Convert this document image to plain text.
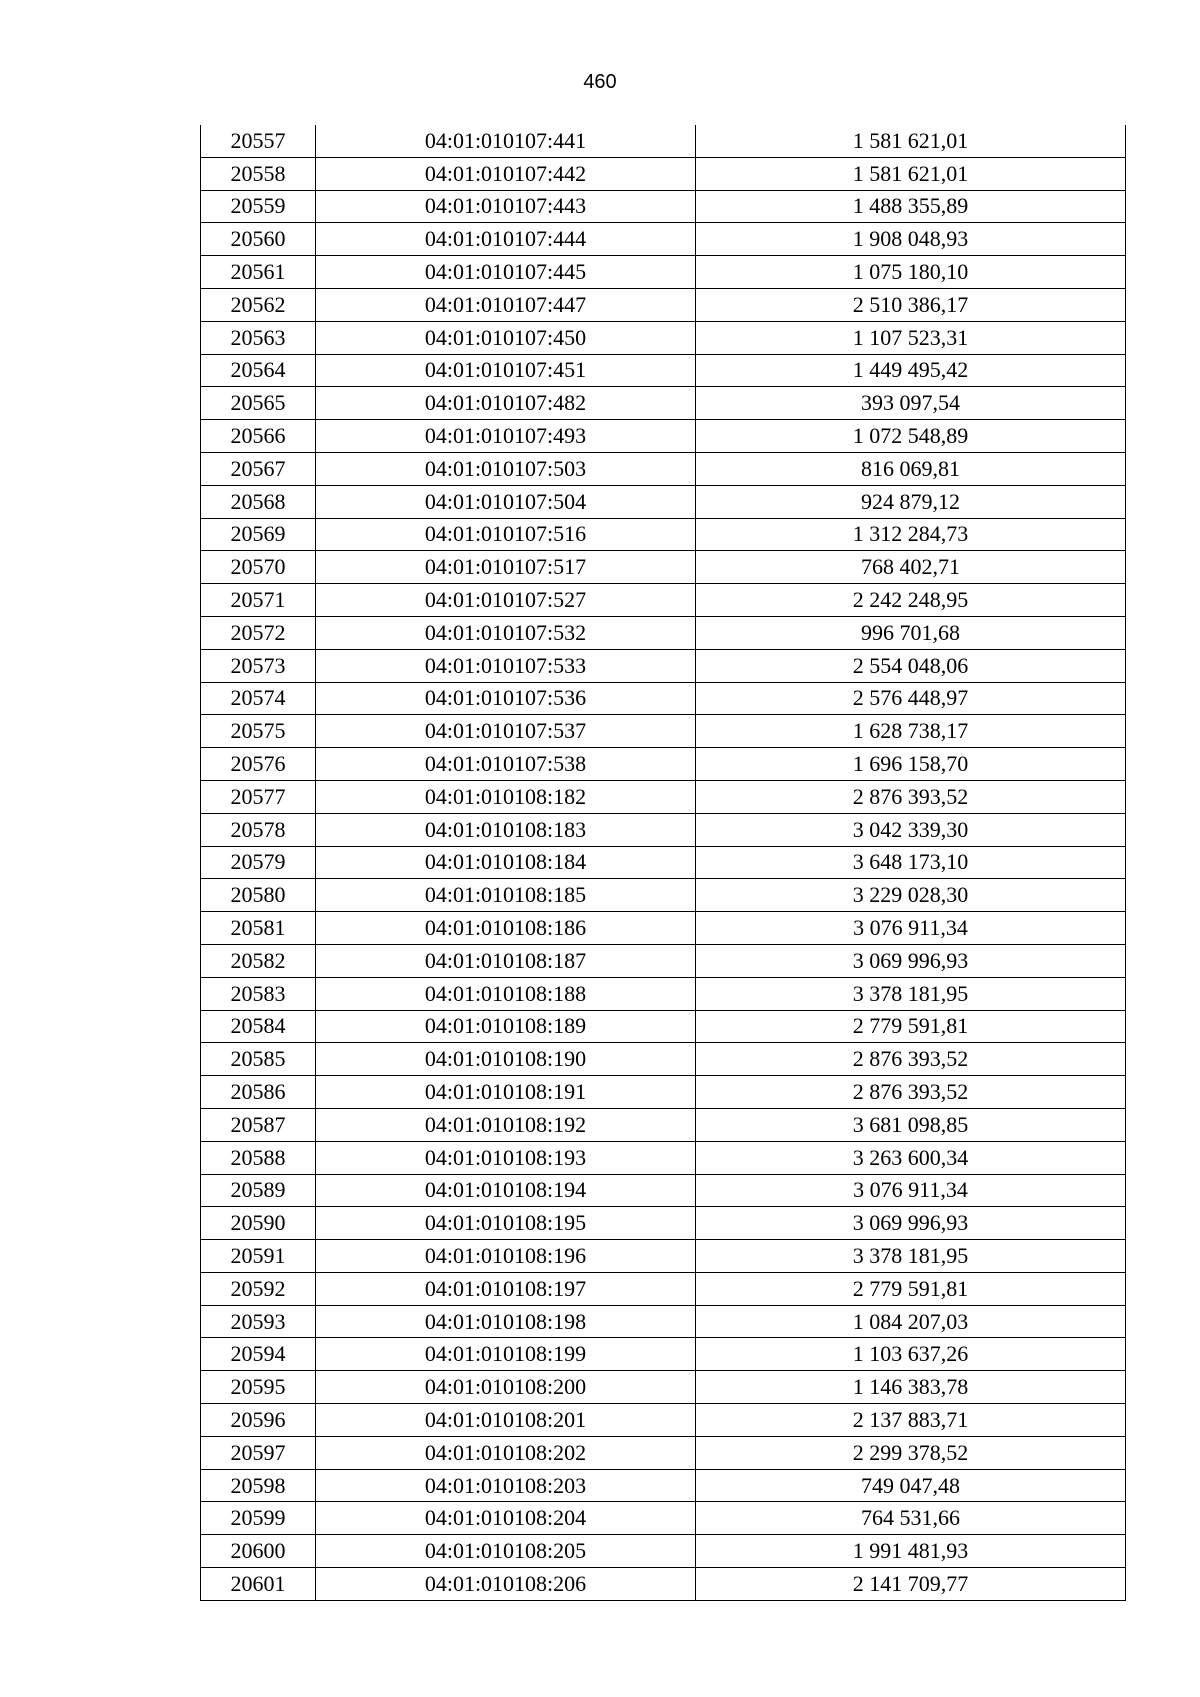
460
20557	04:01:010107:441	1 581 621,01
20558	04:01:010107:442	1 581 621,01
20559	04:01:010107:443	1 488 355,89
20560	04:01:010107:444	1 908 048,93
20561	04:01:010107:445	1 075 180,10
20562	04:01:010107:447	2 510 386,17
20563	04:01:010107:450	1 107 523,31
20564	04:01:010107:451	1 449 495,42
20565	04:01:010107:482	393 097,54
20566	04:01:010107:493	1 072 548,89
20567	04:01:010107:503	816 069,81
20568	04:01:010107:504	924 879,12
20569	04:01:010107:516	1 312 284,73
20570	04:01:010107:517	768 402,71
20571	04:01:010107:527	2 242 248,95
20572	04:01:010107:532	996 701,68
20573	04:01:010107:533	2 554 048,06
20574	04:01:010107:536	2 576 448,97
20575	04:01:010107:537	1 628 738,17
20576	04:01:010107:538	1 696 158,70
20577	04:01:010108:182	2 876 393,52
20578	04:01:010108:183	3 042 339,30
20579	04:01:010108:184	3 648 173,10
20580	04:01:010108:185	3 229 028,30
20581	04:01:010108:186	3 076 911,34
20582	04:01:010108:187	3 069 996,93
20583	04:01:010108:188	3 378 181,95
20584	04:01:010108:189	2 779 591,81
20585	04:01:010108:190	2 876 393,52
20586	04:01:010108:191	2 876 393,52
20587	04:01:010108:192	3 681 098,85
20588	04:01:010108:193	3 263 600,34
20589	04:01:010108:194	3 076 911,34
20590	04:01:010108:195	3 069 996,93
20591	04:01:010108:196	3 378 181,95
20592	04:01:010108:197	2 779 591,81
20593	04:01:010108:198	1 084 207,03
20594	04:01:010108:199	1 103 637,26
20595	04:01:010108:200	1 146 383,78
20596	04:01:010108:201	2 137 883,71
20597	04:01:010108:202	2 299 378,52
20598	04:01:010108:203	749 047,48
20599	04:01:010108:204	764 531,66
20600	04:01:010108:205	1 991 481,93
20601	04:01:010108:206	2 141 709,77
